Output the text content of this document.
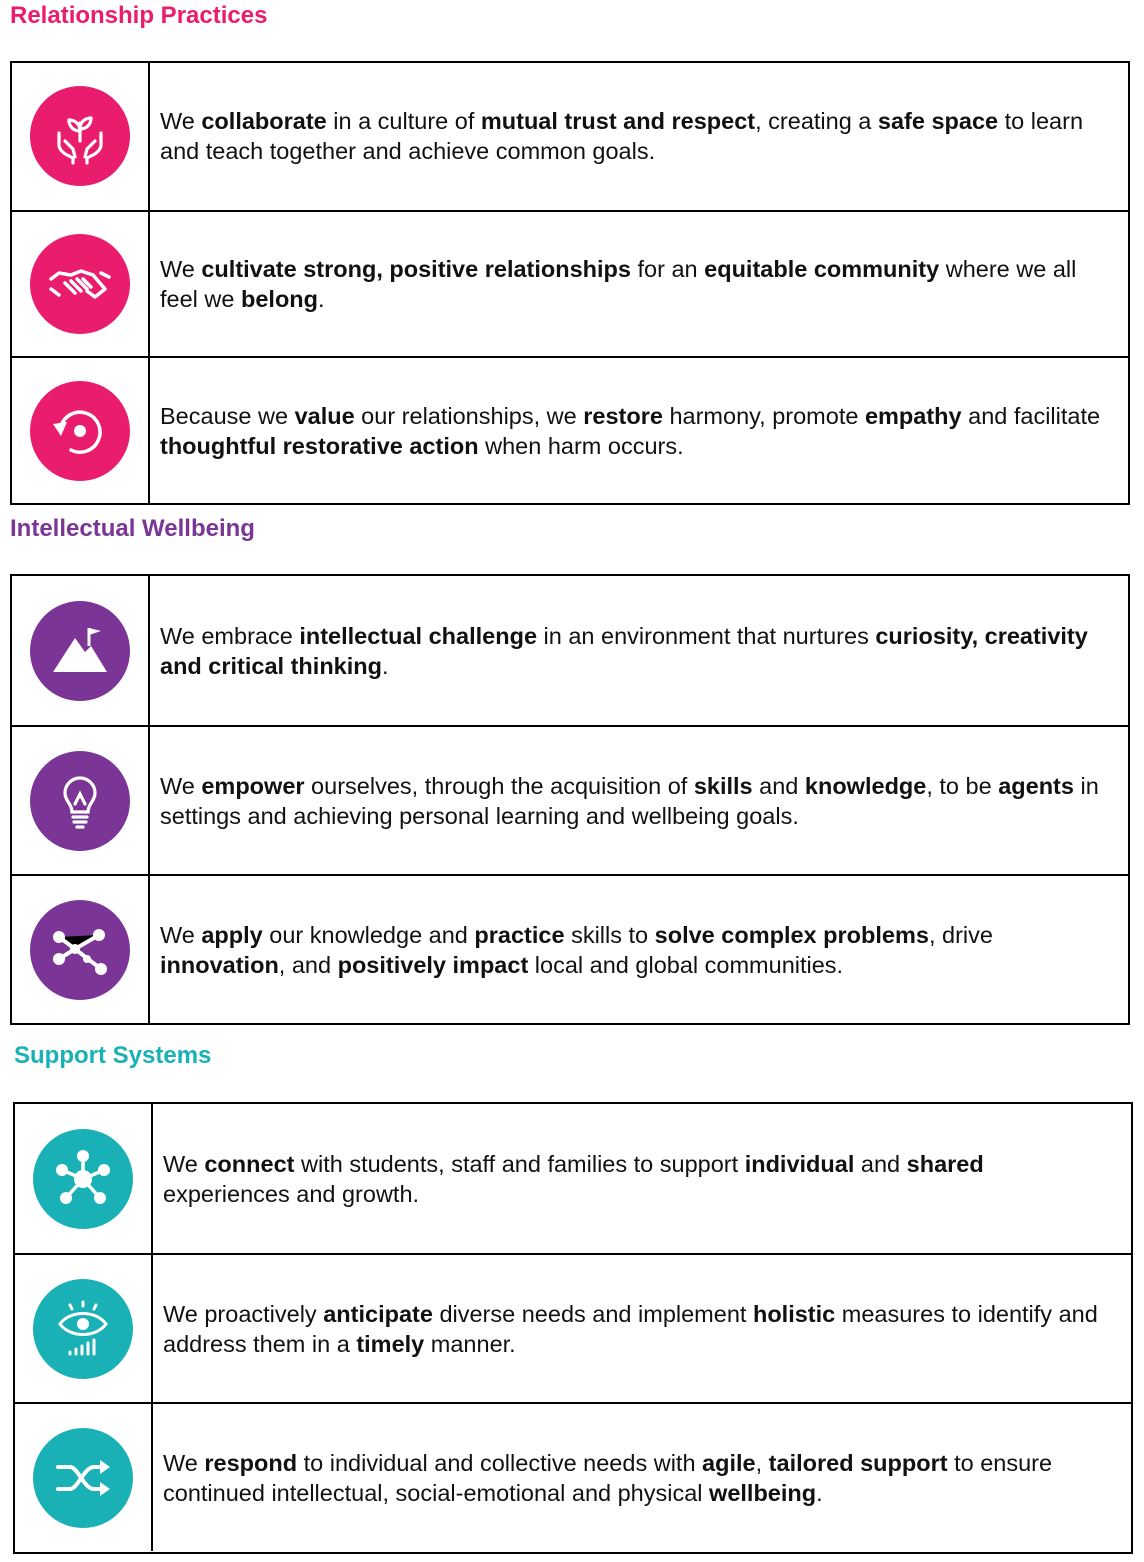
Relationship Practices
We collaborate in a culture of mutual trust and respect, creating a safe space to learn and teach together and achieve common goals.
We cultivate strong, positive relationships for an equitable community where we all feel we belong.
Because we value our relationships, we restore harmony, promote empathy and facilitate thoughtful restorative action when harm occurs.
Intellectual Wellbeing
We embrace intellectual challenge in an environment that nurtures curiosity, creativity and critical thinking.
We empower ourselves, through the acquisition of skills and knowledge, to be agents in settings and achieving personal learning and wellbeing goals.
We apply our knowledge and practice skills to solve complex problems, drive innovation, and positively impact local and global communities.
Support Systems
We connect with students, staff and families to support individual and shared experiences and growth.
We proactively anticipate diverse needs and implement holistic measures to identify and address them in a timely manner.
We respond to individual and collective needs with agile, tailored support to ensure continued intellectual, social-emotional and physical wellbeing.
